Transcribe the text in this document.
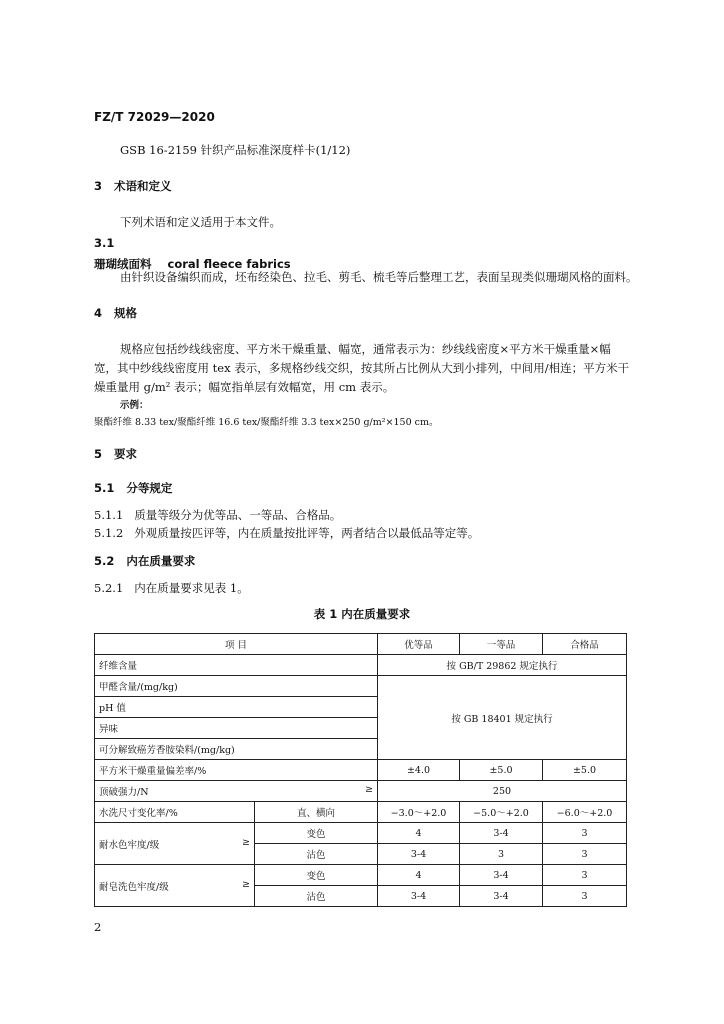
FZ/T 72029—2020
GSB 16-2159 针织产品标准深度样卡(1/12)
3 术语和定义
下列术语和定义适用于本文件。
3.1
珊瑚绒面料 coral fleece fabrics
由针织设备编织而成，坯布经染色、拉毛、剪毛、梳毛等后整理工艺，表面呈现类似珊瑚风格的面料。
4 规格
规格应包括纱线线密度、平方米干燥重量、幅宽，通常表示为：纱线线密度×平方米干燥重量×幅
宽，其中纱线线密度用 tex 表示，多规格纱线交织，按其所占比例从大到小排列，中间用/相连；平方米干
燥重量用 g/m² 表示；幅宽指单层有效幅宽，用 cm 表示。
示例：
聚酯纤维 8.33 tex/聚酯纤维 16.6 tex/聚酯纤维 3.3 tex×250 g/m²×150 cm。
5 要求
5.1 分等规定
5.1.1 质量等级分为优等品、一等品、合格品。
5.1.2 外观质量按匹评等，内在质量按批评等，两者结合以最低品等定等。
5.2 内在质量要求
5.2.1 内在质量要求见表 1。
表 1 内在质量要求
项 目		优等品	一等品	合格品
纤维含量		按 GB/T 29862 规定执行		
甲醛含量/(mg/kg)		按 GB 18401 规定执行		
pH 值				
异味				
可分解致癌芳香胺染料/(mg/kg)				
平方米干燥重量偏差率/%		±4.0	±5.0	±5.0
顶破强力/N ≥		250		
水洗尺寸变化率/%	直、横向	−3.0～+2.0	−5.0～+2.0	−6.0～+2.0
耐水色牢度/级 ≥	变色	4	3-4	3
	沾色	3-4	3	3
耐皂洗色牢度/级 ≥	变色	4	3-4	3
	沾色	3-4	3-4	3
2
